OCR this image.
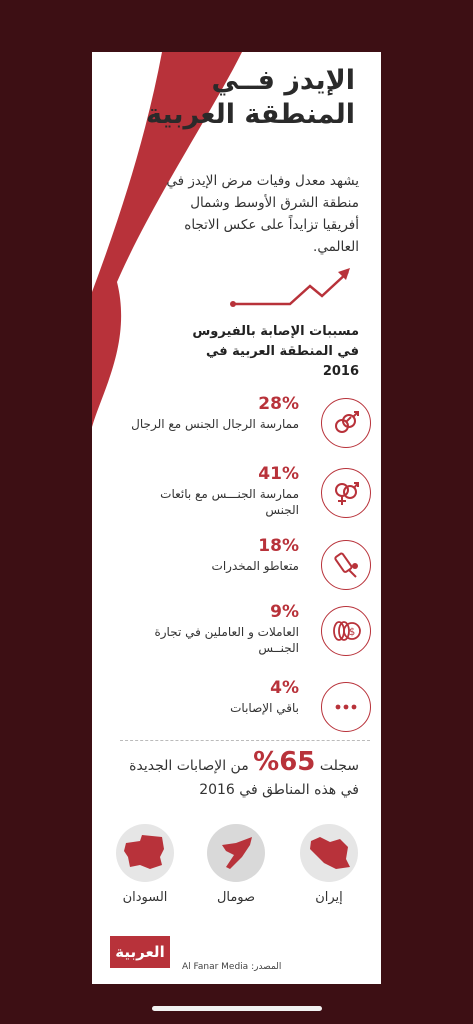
الإيدز فــي
المنطقة العربية
يشهد معدل وفيات مرض الإيدز في منطقة الشرق الأوسط وشمال أفريقيا تزايداً على عكس الاتجاه العالمي.
مسببات الإصابة بالفيروس في المنطقة العربية في 2016
28%
ممارسة الرجال الجنس مع الرجال
41%
ممارسة الجنـــس مع بائعات الجنس
18%
متعاطو المخدرات
$
9%
العاملات و العاملين في تجارة الجنــس
4%
باقي الإصابات
سجلت 65% من الإصابات الجديدة في هذه المناطق في 2016
إيران
صومال
السودان
العربية
المصدر: Al Fanar Media
